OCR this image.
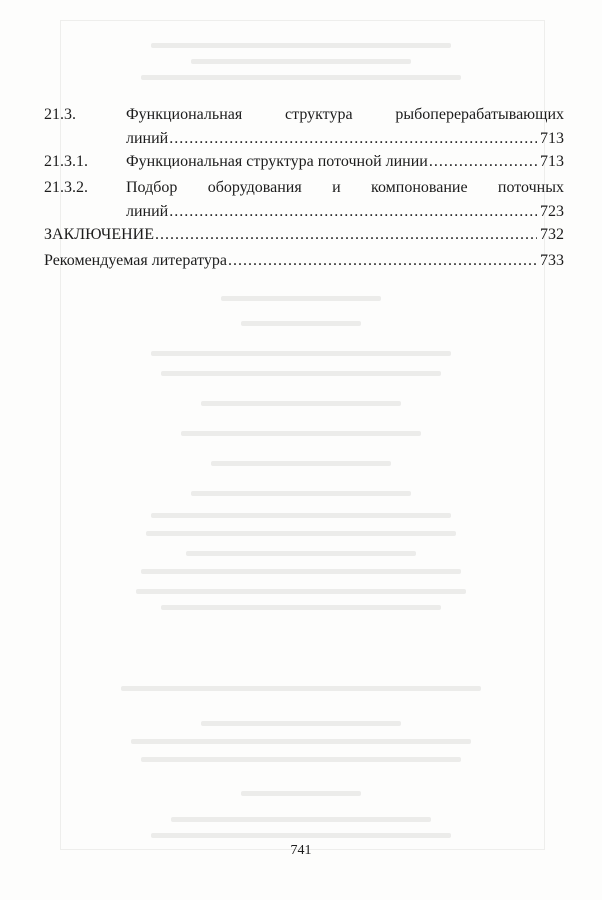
21.3.	Функциональная структура рыбоперерабатывающих
линий .....	713
21.3.1. Функциональная структура поточной линии .....	713
21.3.2. Подбор оборудования и компонование поточных
линий .....	723
ЗАКЛЮЧЕНИЕ .....	732
Рекомендуемая литература .....	733
741
